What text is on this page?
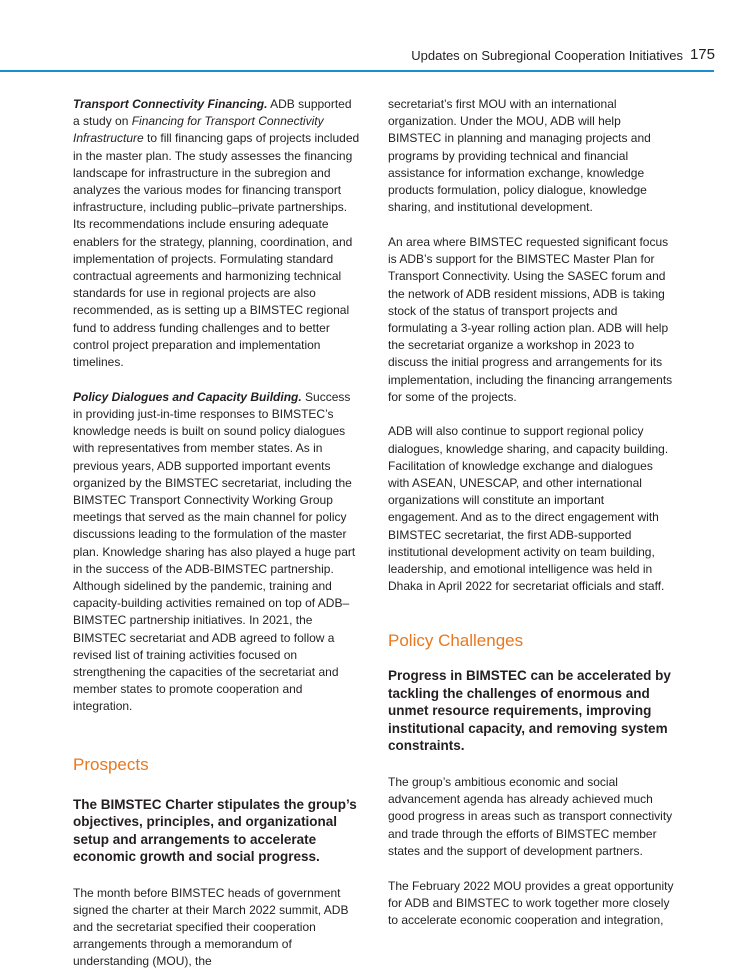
Updates on Subregional Cooperation Initiatives 175

Transport Connectivity Financing. ADB supported a study on Financing for Transport Connectivity Infrastructure to fill financing gaps of projects included in the master plan. The study assesses the financing landscape for infrastructure in the subregion and analyzes the various modes for financing transport infrastructure, including public–private partnerships. Its recommendations include ensuring adequate enablers for the strategy, planning, coordination, and implementation of projects. Formulating standard contractual agreements and harmonizing technical standards for use in regional projects are also recommended, as is setting up a BIMSTEC regional fund to address funding challenges and to better control project preparation and implementation timelines.

Policy Dialogues and Capacity Building. Success in providing just-in-time responses to BIMSTEC’s knowledge needs is built on sound policy dialogues with representatives from member states. As in previous years, ADB supported important events organized by the BIMSTEC secretariat, including the BIMSTEC Transport Connectivity Working Group meetings that served as the main channel for policy discussions leading to the formulation of the master plan. Knowledge sharing has also played a huge part in the success of the ADB-BIMSTEC partnership. Although sidelined by the pandemic, training and capacity-building activities remained on top of ADB–BIMSTEC partnership initiatives. In 2021, the BIMSTEC secretariat and ADB agreed to follow a revised list of training activities focused on strengthening the capacities of the secretariat and member states to promote cooperation and integration.

Prospects
The BIMSTEC Charter stipulates the group’s objectives, principles, and organizational setup and arrangements to accelerate economic growth and social progress.

The month before BIMSTEC heads of government signed the charter at their March 2022 summit, ADB and the secretariat specified their cooperation arrangements through a memorandum of understanding (MOU), the

secretariat’s first MOU with an international organization. Under the MOU, ADB will help BIMSTEC in planning and managing projects and programs by providing technical and financial assistance for information exchange, knowledge products formulation, policy dialogue, knowledge sharing, and institutional development.

An area where BIMSTEC requested significant focus is ADB’s support for the BIMSTEC Master Plan for Transport Connectivity. Using the SASEC forum and the network of ADB resident missions, ADB is taking stock of the status of transport projects and formulating a 3-year rolling action plan. ADB will help the secretariat organize a workshop in 2023 to discuss the initial progress and arrangements for its implementation, including the financing arrangements for some of the projects.

ADB will also continue to support regional policy dialogues, knowledge sharing, and capacity building. Facilitation of knowledge exchange and dialogues with ASEAN, UNESCAP, and other international organizations will constitute an important engagement. And as to the direct engagement with BIMSTEC secretariat, the first ADB-supported institutional development activity on team building, leadership, and emotional intelligence was held in Dhaka in April 2022 for secretariat officials and staff.

Policy Challenges
Progress in BIMSTEC can be accelerated by tackling the challenges of enormous and unmet resource requirements, improving institutional capacity, and removing system constraints.

The group’s ambitious economic and social advancement agenda has already achieved much good progress in areas such as transport connectivity and trade through the efforts of BIMSTEC member states and the support of development partners.

The February 2022 MOU provides a great opportunity for ADB and BIMSTEC to work together more closely to accelerate economic cooperation and integration,
